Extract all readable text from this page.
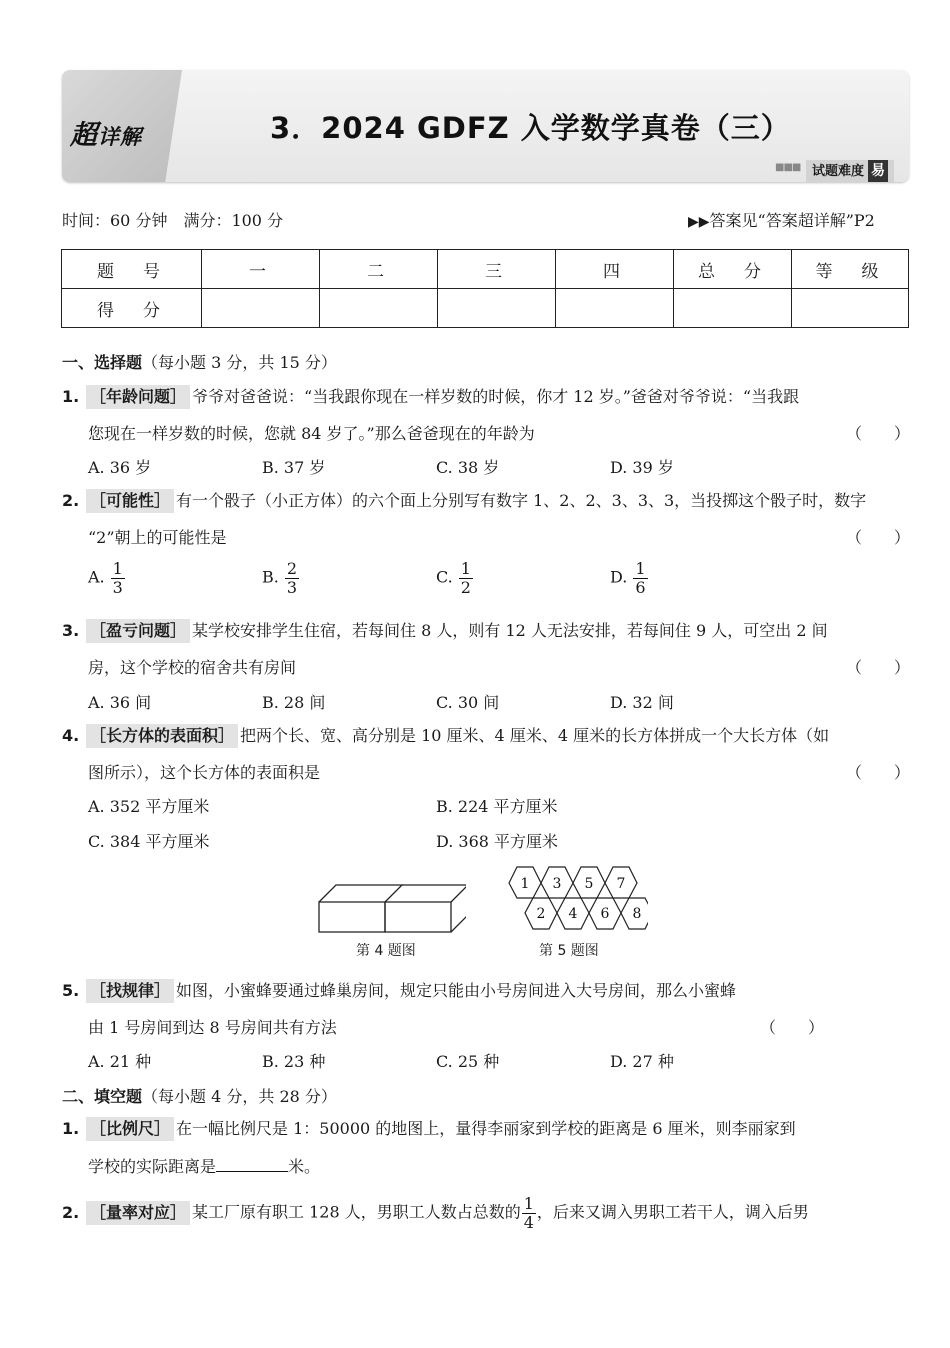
超详解	3．2024 GDFZ 入学数学真卷（三）
■■■ 试题难度 易
时间：60 分钟　满分：100 分	▶▶答案见“答案超详解”P2
题　号	一	二	三	四	总　分	等　级
得　分						
一、选择题（每小题 3 分，共 15 分）
1. ［年龄问题］ 爷爷对爸爸说：“当我跟你现在一样岁数的时候，你才 12 岁。”爸爸对爷爷说：“当我跟
您现在一样岁数的时候，您就 84 岁了。”那么爸爸现在的年龄为	（　　）
A. 36 岁	B. 37 岁	C. 38 岁	D. 39 岁
2. ［可能性］ 有一个骰子（小正方体）的六个面上分别写有数字 1、2、2、3、3、3，当投掷这个骰子时，数字
“2”朝上的可能性是	（　　）
A. $\frac{1}{3}$	B. $\frac{2}{3}$	C. $\frac{1}{2}$	D. $\frac{1}{6}$
3. ［盈亏问题］ 某学校安排学生住宿，若每间住 8 人，则有 12 人无法安排，若每间住 9 人，可空出 2 间
房，这个学校的宿舍共有房间	（　　）
A. 36 间	B. 28 间	C. 30 间	D. 32 间
4. ［长方体的表面积］ 把两个长、宽、高分别是 10 厘米、4 厘米、4 厘米的长方体拼成一个大长方体（如
图所示），这个长方体的表面积是	（　　）
A. 352 平方厘米	B. 224 平方厘米
C. 384 平方厘米	D. 368 平方厘米
第 4 题图
1 3 5 7
2 4 6 8
第 5 题图
5. ［找规律］ 如图，小蜜蜂要通过蜂巢房间，规定只能由小号房间进入大号房间，那么小蜜蜂
由 1 号房间到达 8 号房间共有方法	（　　）
A. 21 种	B. 23 种	C. 25 种	D. 27 种
二、填空题（每小题 4 分，共 28 分）
1. ［比例尺］ 在一幅比例尺是 1：50000 的地图上，量得李丽家到学校的距离是 6 厘米，则李丽家到
学校的实际距离是	米。
2. ［量率对应］ 某工厂原有职工 128 人，男职工人数占总数的 $\frac{1}{4}$ ，后来又调入男职工若干人，调入后男
